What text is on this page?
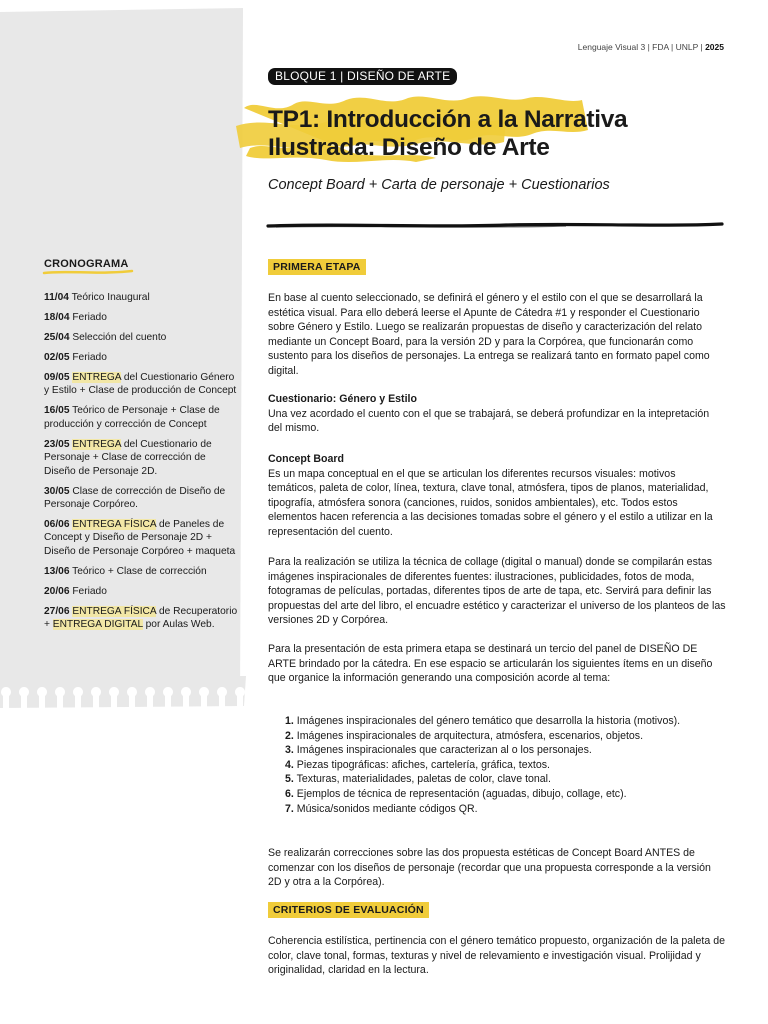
CRONOGRAMA
11/04 Teórico Inaugural
18/04 Feriado
25/04 Selección del cuento
02/05 Feriado
09/05 ENTREGA del Cuestionario Género y Estilo + Clase de producción de Concept
16/05 Teórico de Personaje + Clase de producción y corrección de Concept
23/05 ENTREGA del Cuestionario de Personaje + Clase de corrección de Diseño de Personaje 2D.
30/05 Clase de corrección de Diseño de Personaje Corpóreo.
06/06 ENTREGA FÍSICA de Paneles de Concept y Diseño de Personaje 2D + Diseño de Personaje Corpóreo + maqueta
13/06 Teórico + Clase de corrección
20/06 Feriado
27/06 ENTREGA FÍSICA de Recuperatorio + ENTREGA DIGITAL por Aulas Web.
Lenguaje Visual 3 | FDA | UNLP | 2025
BLOQUE 1 | DISEÑO DE ARTE
TP1: Introducción a la Narrativa Ilustrada: Diseño de Arte
Concept Board + Carta de personaje + Cuestionarios
PRIMERA ETAPA

En base al cuento seleccionado, se definirá el género y el estilo con el que se desarrollará la estética visual. Para ello deberá leerse el Apunte de Cátedra #1 y responder el Cuestionario sobre Género y Estilo. Luego se realizarán propuestas de diseño y caracterización del relato mediante un Concept Board, para la versión 2D y para la Corpórea, que funcionarán como sustento para los diseños de personajes. La entrega se realizará tanto en formato papel como digital.

Cuestionario: Género y Estilo
Una vez acordado el cuento con el que se trabajará, se deberá profundizar en la intepretación del mismo.
Concept Board
Es un mapa conceptual en el que se articulan los diferentes recursos visuales: motivos temáticos, paleta de color, línea, textura, clave tonal, atmósfera, tipos de planos, materialidad, tipografía, atmósfera sonora (canciones, ruidos, sonidos ambientales), etc. Todos estos elementos hacen referencia a las decisiones tomadas sobre el género y el estilo a utilizar en la representación del cuento.

Para la realización se utiliza la técnica de collage (digital o manual) donde se compilarán estas imágenes inspiracionales de diferentes fuentes: ilustraciones, publicidades, fotos de moda, fotogramas de películas, portadas, diferentes tipos de arte de tapa, etc. Servirá para definir las propuestas del arte del libro, el encuadre estético y caracterizar el universo de los planteos de las versiones 2D y Corpórea.

Para la presentación de esta primera etapa se destinará un tercio del panel de DISEÑO DE ARTE brindado por la cátedra. En ese espacio se articularán los siguientes ítems en un diseño que organice la información generando una composición acorde al tema:

1. Imágenes inspiracionales del género temático que desarrolla la historia (motivos).
2. Imágenes inspiracionales de arquitectura, atmósfera, escenarios, objetos.
3. Imágenes inspiracionales que caracterizan al o los personajes.
4. Piezas tipográficas: afiches, cartelería, gráfica, textos.
5. Texturas, materialidades, paletas de color, clave tonal.
6. Ejemplos de técnica de representación (aguadas, dibujo, collage, etc).
7. Música/sonidos mediante códigos QR.

Se realizarán correcciones sobre las dos propuesta estéticas de Concept Board ANTES de comenzar con los diseños de personaje (recordar que una propuesta corresponde a la versión 2D y otra a la Corpórea).

CRITERIOS DE EVALUACIÓN

Coherencia estilística, pertinencia con el género temático propuesto, organización de la paleta de color, clave tonal, formas, texturas y nivel de relevamiento e investigación visual. Prolijidad y originalidad, claridad en la lectura.
